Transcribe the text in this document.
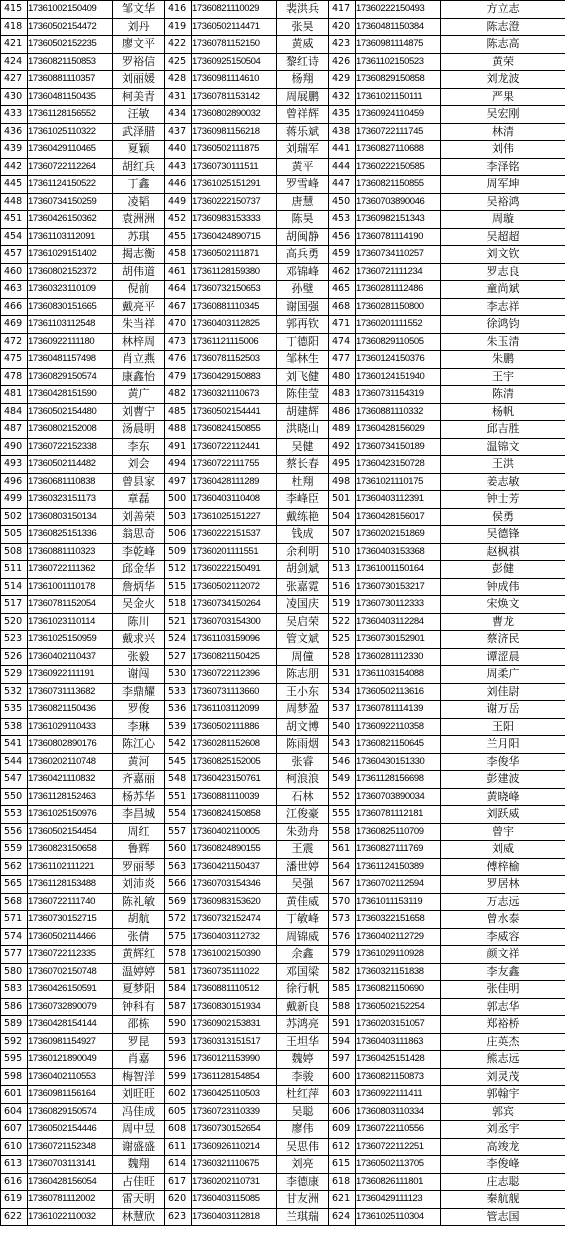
415	17361002150409	邹文华	416	17360821110029	裴洪兵	417	17360222150493	方立志
418	17360502154472	刘丹	419	17360502114471	张昊	420	17360481150384	陈志澄
421	17360502152235	廖文平	422	17360781152150	黄威	423	17360981114875	陈志高
424	17360821150853	罗裕信	425	17360925150504	黎红诗	426	17361102150523	黄荣
427	17360881110357	刘丽媛	428	17360981114610	杨翔	429	17360829150858	刘龙波
430	17360481150435	柯美青	431	17360781153142	周展鹏	432	17361021150111	严果
433	17361128156552	汪敏	434	17360802890032	曾祥辉	435	17360924110459	吴宏刚
436	17361025110322	武泽腊	437	17360981156218	蒋乐斌	438	17360722111745	林清
439	17360429110465	夏颖	440	17360502111875	刘瑞军	441	17360827110688	刘伟
442	17360722112264	胡红兵	443	17360730111511	黄平	444	17360222150585	李泽铭
445	17361124150522	丁鑫	446	17361025151291	罗雪峰	447	17360821150855	周军坤
448	17360734150259	凌韬	449	17360222150737	唐慧	450	17360703890046	吴裕鸿
451	17360426150362	袁洲洲	452	17360983153333	陈昊	453	17360982151343	周璇
454	17361103112091	苏琪	455	17360424890715	胡闽静	456	17360781114190	吴超超
457	17361029151402	揭志衡	458	17360502111871	高兵勇	459	17360734110257	刘文钦
460	17360802152372	胡伟道	461	17361128159380	邓锦峰	462	17360721111234	罗志良
463	17360323110109	倪前	464	17360732150653	孙璧	465	17360281112486	童尚斌
466	17360830151665	戴亮平	467	17360881110345	谢国强	468	17360281150800	李志祥
469	17361103112548	朱当祥	470	17360403112825	郭再钦	471	17360201111552	徐鸿钧
472	17360922111180	林梓周	473	17361121115006	丁德阳	474	17360829110505	朱玉清
475	17360481157498	肖立燕	476	17360781152503	邹林生	477	17360124150376	朱鹏
478	17360829150574	康鑫怡	479	17360429150883	刘飞健	480	17360124151940	王宇
481	17360428151590	黄广	482	17360321110673	陈佳莹	483	17360731154319	陈清
484	17360502154480	刘曹宁	485	17360502154441	胡建辉	486	17360881110332	杨帆
487	17360802152008	汤晨明	488	17360824150855	洪晓山	489	17360428156029	邱吉胜
490	17360722152338	李东	491	17360722112441	吴健	492	17360734150189	温锦文
493	17360502114482	刘会	494	17360722111755	蔡长春	495	17360423150728	王洪
496	17360681110838	曾县家	497	17360428111289	杜翔	498	17361021110175	姜志敏
499	17360323151173	章磊	500	17360403110408	李峰臣	501	17360403112391	钟士芳
502	17360803150134	刘善荣	503	17361025151227	戴练艳	504	17360428156017	侯勇
505	17360825151336	翁思奇	506	17360222151537	钱成	507	17360202151869	吴德锋
508	17360881110323	李乾峰	509	17360201111551	余利明	510	17360403153368	赵枫祺
511	17360722111362	邱金华	512	17360222150491	胡剑斌	513	17361001150164	彭健
514	17361001110178	詹炳华	515	17360502112072	张嘉霓	516	17360730153217	钟成伟
517	17360781152054	吴金火	518	17360734150264	凌国庆	519	17360730112333	宋焕文
520	17361023110114	陈川	521	17360703154300	吴启荣	522	17360403112284	曹龙
523	17361025150959	戴求兴	524	17361103159096	管文斌	525	17360730152901	蔡济民
526	17360402110437	张毅	527	17360821150425	周僮	528	17360281112330	谭涩晨
529	17360922111191	谢闯	530	17360722112396	陈志朋	531	17361103154088	周柔广
532	17360731113682	李鼎耀	533	17360731113660	王小东	534	17360502113616	刘佳尉
535	17360821150436	罗俊	536	17361103112099	周梦盈	537	17360781114139	谢万岳
538	17361029110433	李琳	539	17360502111886	胡文博	540	17360922110358	王阳
541	17360802890176	陈江心	542	17360281152608	陈雨烟	543	17360821150645	兰月阳
544	17360202110748	黄河	545	17360825152005	张睿	546	17360430151330	李俊华
547	17360421110832	齐嘉丽	548	17360423150761	柯浪浪	549	17361128156698	彭建波
550	17361128152463	杨苏华	551	17360881110039	石林	552	17360703890034	黄晓峰
553	17361025150976	李昌城	554	17360824150858	江俊豪	555	17360781112181	刘跃威
556	17360502154454	周红	557	17360402110005	朱劲舟	558	17360825110709	曾宇
559	17360823150658	鲁辉	560	17360824890155	王震	561	17360827111769	刘威
562	17361102111221	罗丽琴	563	17360421150437	潘世婷	564	17361124150389	傅梓榆
565	17361128153488	刘沛炎	566	17360703154346	吴强	567	17360702112594	罗居林
568	17360722111740	陈礼敏	569	17360983153620	黄佳威	570	17361011153119	万志远
571	17360730152715	胡航	572	17360732152474	丁敏峰	573	17360322151658	曾水泰
574	17360502114466	张倩	575	17360403112732	周锦威	576	17360402112729	李威容
577	17360722112335	黄辉红	578	17361002150390	余鑫	579	17361029110928	颜文祥
580	17360702150748	温婷婷	581	17360735111022	邓国梁	582	17360321151838	李友鑫
583	17360426150591	夏梦阳	584	17360881110512	徐行帆	585	17360821150690	张佳明
586	17360732890079	钟科有	587	17360830151934	戴新良	588	17360502152254	郭志华
589	17360428154144	邵栋	590	17360902153831	苏鸿亮	591	17360203151057	郑裕桥
592	17360981154927	罗昆	593	17360313151517	王坦华	594	17360403111863	庄英杰
595	17360121890049	肖嘉	596	17360121153990	魏婷	597	17360425151428	熊志远
598	17360402110553	梅智洋	599	17361128154854	李骏	600	17360821150873	刘灵茂
601	17360981156164	刘旺旺	602	17360425110503	杜红萍	603	17360922111411	郭翰宇
604	17360829150574	冯佳成	605	17360723110339	吴聪	606	17360803110334	郭宾
607	17360502154446	周中昱	608	17360730152654	廖伟	609	17360722110556	刘丞宇
610	17360721152348	谢盛盛	611	17360926110214	吴思伟	612	17360722112251	高竣龙
613	17360703113141	魏翔	614	17360321110675	刘亮	615	17360502113705	李俊峰
616	17360428156054	占佳旺	617	17360202110731	李德康	618	17360826111801	庄志聪
619	17360781112002	雷天明	620	17360403115085	甘友洲	621	17360429111123	秦航舰
622	17361022110032	林慧欣	623	17360403112818	兰琪瑞	624	17361025110304	管志国
